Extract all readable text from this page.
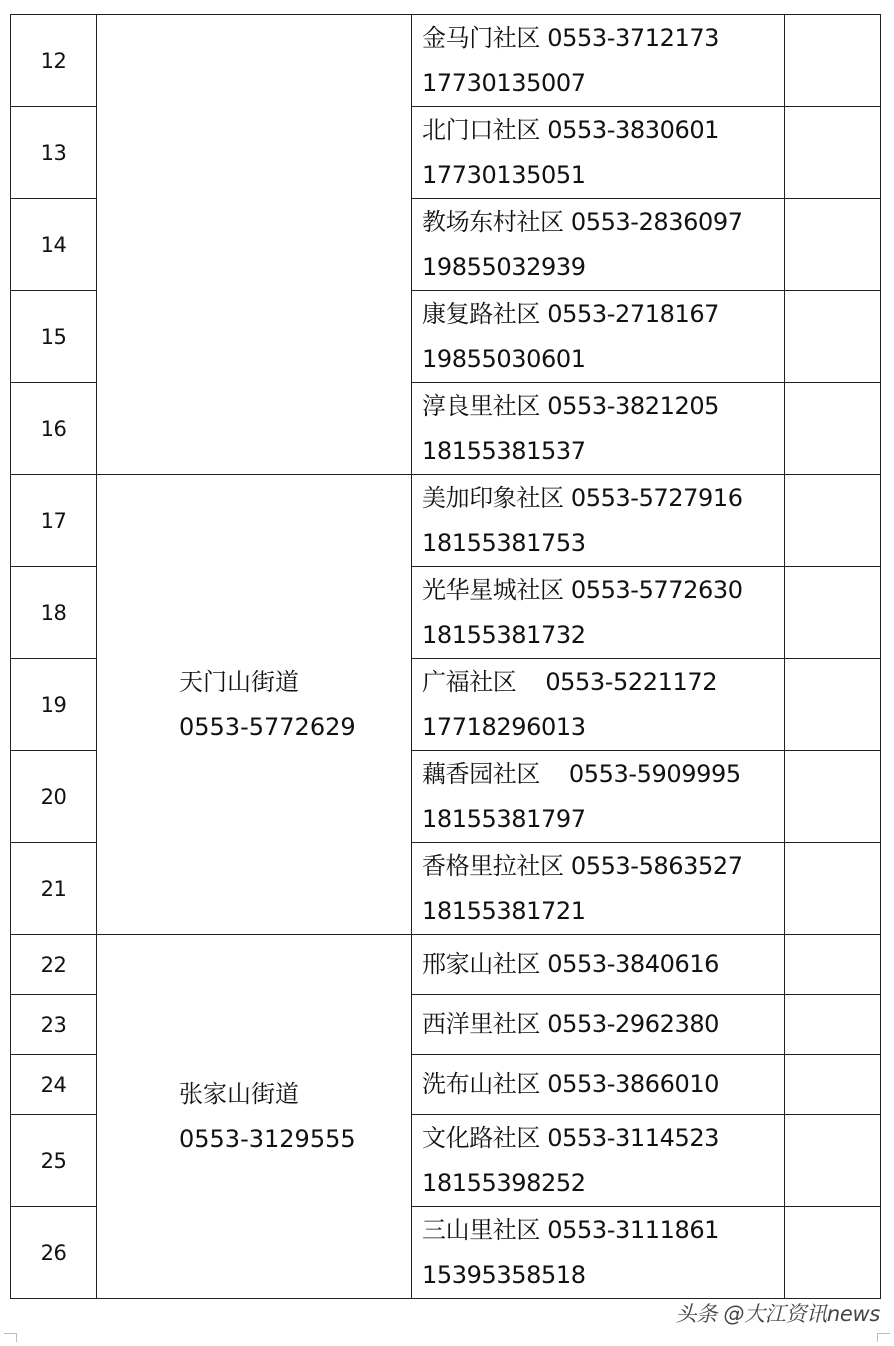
12		金马门社区 0553-3712173
17730135007	

13		北门口社区 0553-3830601
17730135051	

14		教场东村社区 0553-2836097
19855032939	

15		康复路社区 0553-2718167
19855030601	

16		淳良里社区 0553-3821205
18155381537	

17	天门山街道
0553-5772629	美加印象社区 0553-5727916
18155381753	

18		光华星城社区 0553-5772630
18155381732	

19		广福社区    0553-5221172
17718296013	

20		藕香园社区    0553-5909995
18155381797	

21		香格里拉社区 0553-5863527
18155381721	

22	张家山街道
0553-3129555	邢家山社区 0553-3840616	

23		西洋里社区 0553-2962380	

24		洗布山社区 0553-3866010	

25		文化路社区 0553-3114523
18155398252	

26		三山里社区 0553-3111861
15395358518	

头条 @大江资讯news
